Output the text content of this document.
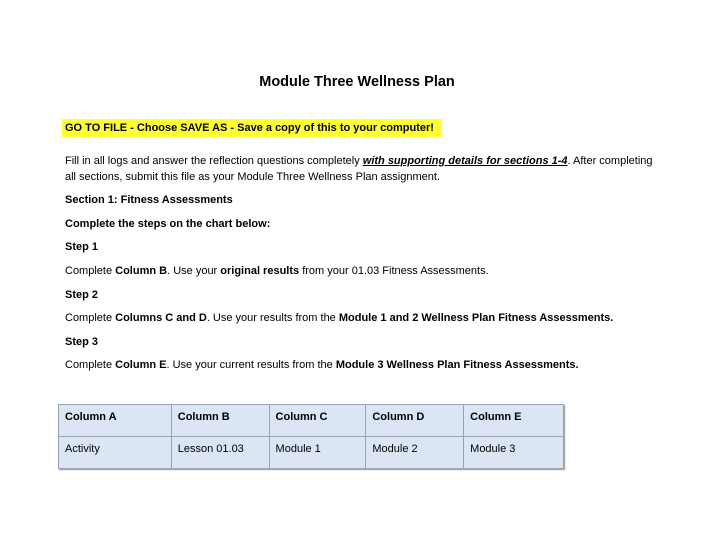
Module Three Wellness Plan
GO TO FILE - Choose SAVE AS - Save a copy of this to your computer!
Fill in all logs and answer the reflection questions completely with supporting details for sections 1-4. After completing
all sections, submit this file as your Module Three Wellness Plan assignment.
Section 1: Fitness Assessments
Complete the steps on the chart below:
Step 1
Complete Column B. Use your original results from your 01.03 Fitness Assessments.
Step 2
Complete Columns C and D. Use your results from the Module 1 and 2 Wellness Plan Fitness Assessments.
Step 3
Complete Column E. Use your current results from the Module 3 Wellness Plan Fitness Assessments.
Column A	Column B	Column C	Column D	Column E
Activity	Lesson 01.03	Module 1	Module 2	Module 3
